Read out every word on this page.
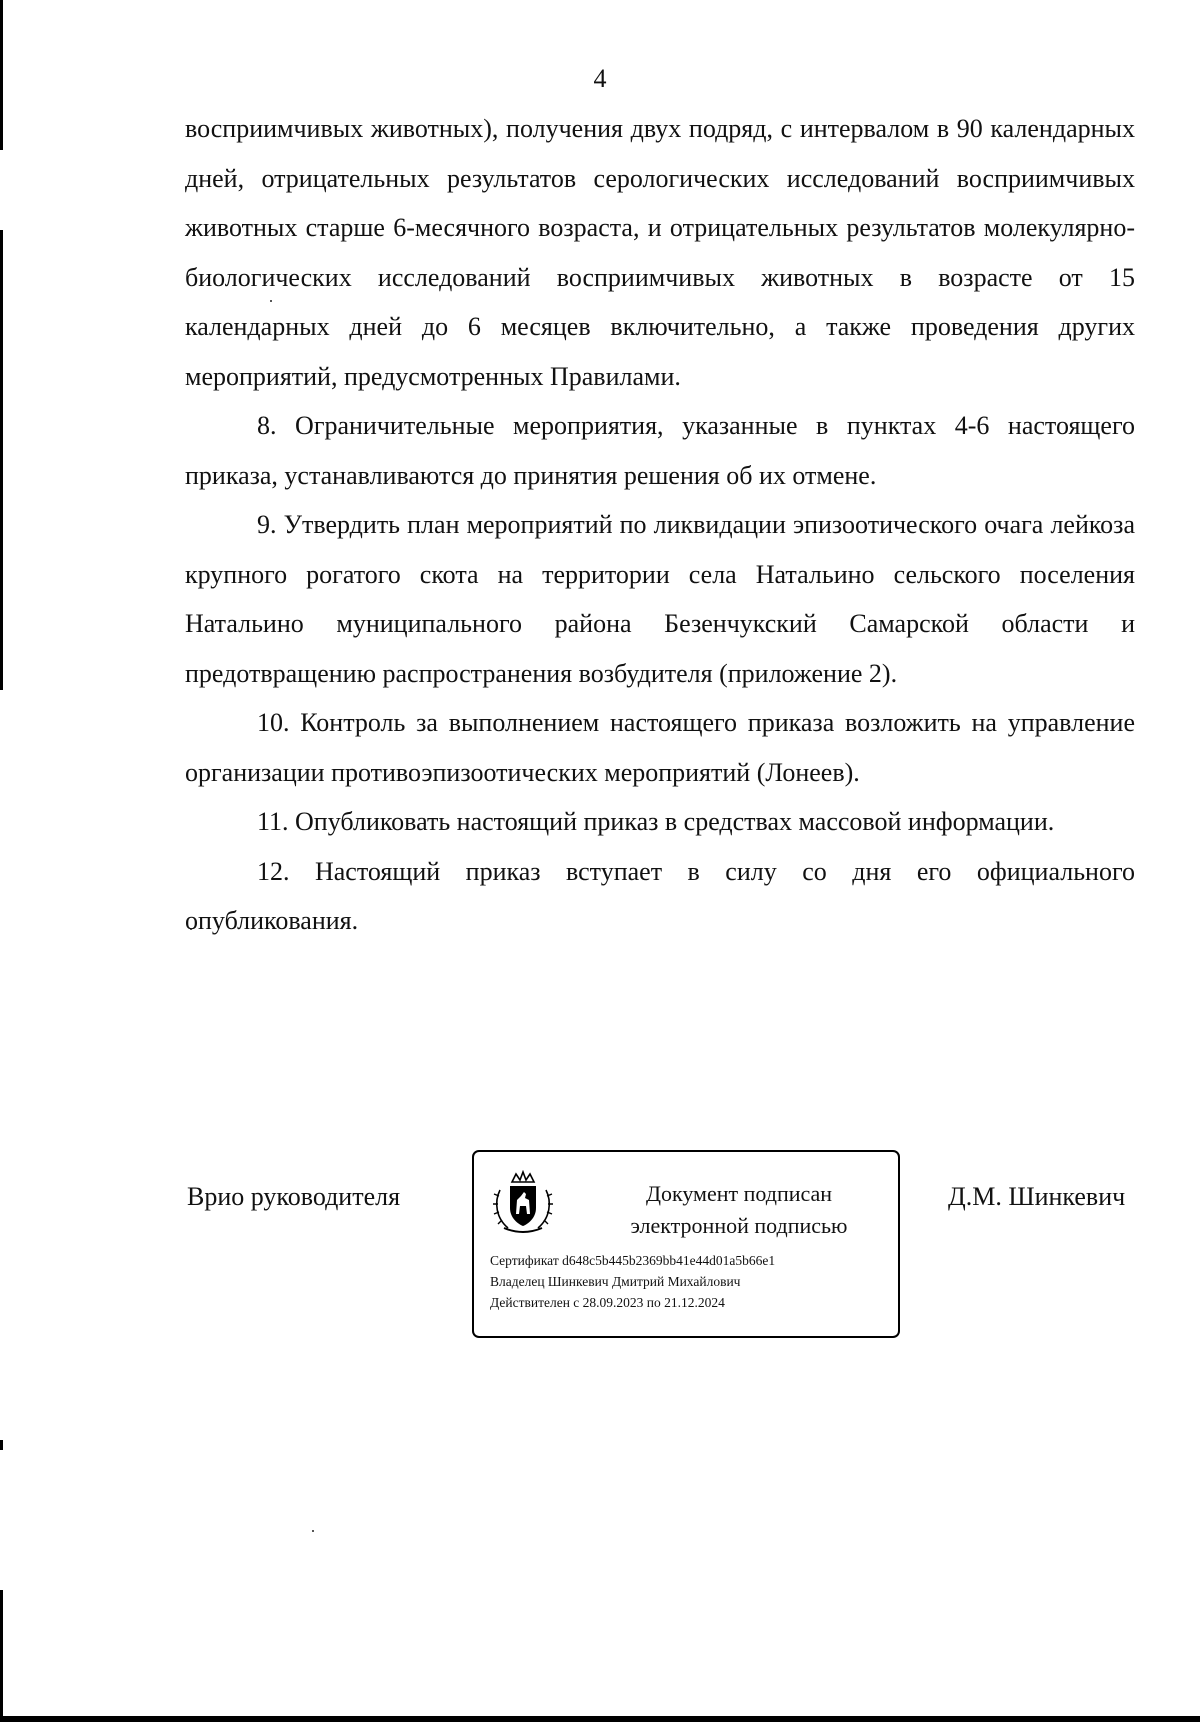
4

восприимчивых животных), получения двух подряд, с интервалом в 90 календарных дней, отрицательных результатов серологических исследований восприимчивых животных старше 6-месячного возраста, и отрицательных результатов молекулярно-биологических исследований восприимчивых животных в возрасте от 15 календарных дней до 6 месяцев включительно, а также проведения других мероприятий, предусмотренных Правилами.

8. Ограничительные мероприятия, указанные в пунктах 4-6 настоящего приказа, устанавливаются до принятия решения об их отмене.

9. Утвердить план мероприятий по ликвидации эпизоотического очага лейкоза крупного рогатого скота на территории села Натальино сельского поселения Натальино муниципального района Безенчукский Самарской области и предотвращению распространения возбудителя (приложение 2).

10. Контроль за выполнением настоящего приказа возложить на управление организации противоэпизоотических мероприятий (Лонеев).

11. Опубликовать настоящий приказ в средствах массовой информации.

12. Настоящий приказ вступает в силу со дня его официального опубликования.

Врио руководителя	Документ подписан
электронной подписью
Сертификат d648c5b445b2369bb41e44d01a5b66e1
Владелец Шинкевич Дмитрий Михайлович
Действителен с 28.09.2023 по 21.12.2024
Д.М. Шинкевич
